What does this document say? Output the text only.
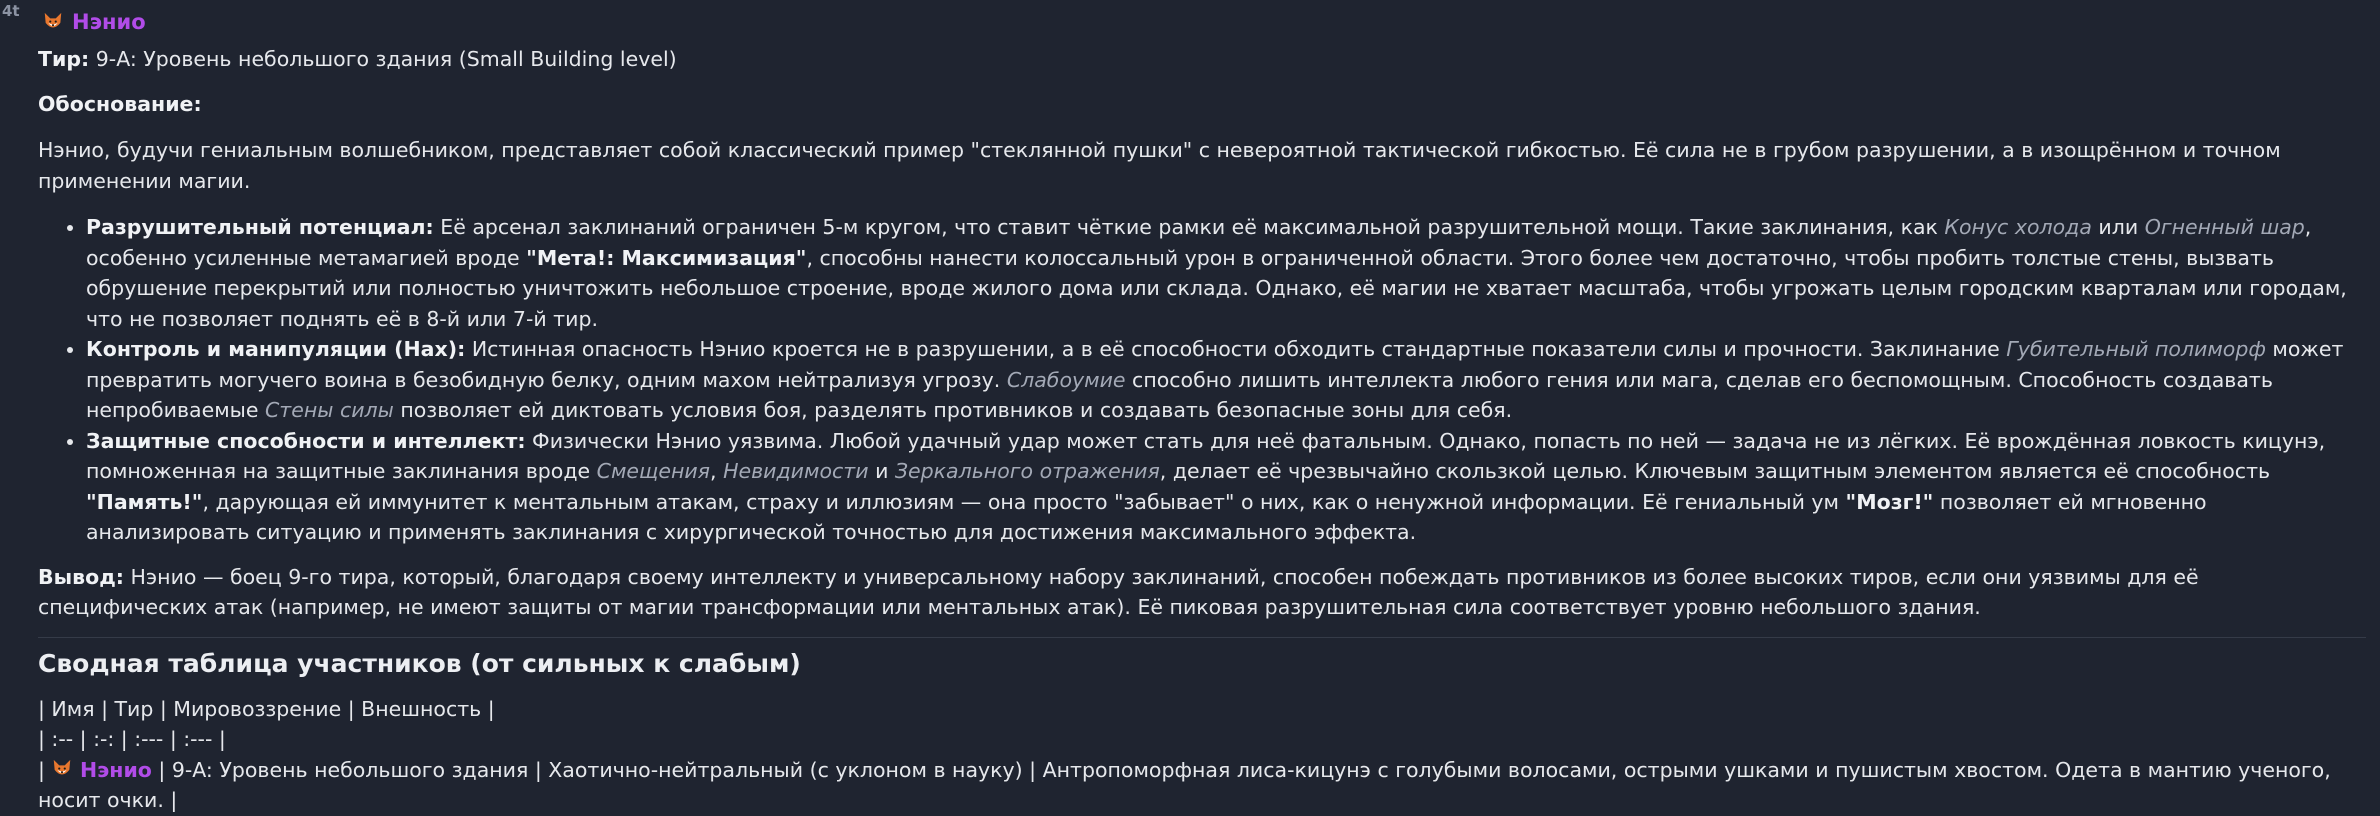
4t Нэнио

Тир: 9-A: Уровень небольшого здания (Small Building level)

Обоснование:

Нэнио, будучи гениальным волшебником, представляет собой классический пример "стеклянной пушки" с невероятной тактической гибкостью. Её сила не в грубом разрушении, а в изощрённом и точном применении магии.

• Разрушительный потенциал: Её арсенал заклинаний ограничен 5-м кругом, что ставит чёткие рамки её максимальной разрушительной мощи. Такие заклинания, как Конус холода или Огненный шар, особенно усиленные метамагией вроде "Мета!: Максимизация", способны нанести колоссальный урон в ограниченной области. Этого более чем достаточно, чтобы пробить толстые стены, вызвать обрушение перекрытий или полностью уничтожить небольшое строение, вроде жилого дома или склада. Однако, её магии не хватает масштаба, чтобы угрожать целым городским кварталам или городам, что не позволяет поднять её в 8-й или 7-й тир.
• Контроль и манипуляции (Hax): Истинная опасность Нэнио кроется не в разрушении, а в её способности обходить стандартные показатели силы и прочности. Заклинание Губительный полиморф может превратить могучего воина в безобидную белку, одним махом нейтрализуя угрозу. Слабоумие способно лишить интеллекта любого гения или мага, сделав его беспомощным. Способность создавать непробиваемые Стены силы позволяет ей диктовать условия боя, разделять противников и создавать безопасные зоны для себя.
• Защитные способности и интеллект: Физически Нэнио уязвима. Любой удачный удар может стать для неё фатальным. Однако, попасть по ней — задача не из лёгких. Её врождённая ловкость кицунэ, помноженная на защитные заклинания вроде Смещения, Невидимости и Зеркального отражения, делает её чрезвычайно скользкой целью. Ключевым защитным элементом является её способность "Память!", дарующая ей иммунитет к ментальным атакам, страху и иллюзиям — она просто "забывает" о них, как о ненужной информации. Её гениальный ум "Мозг!" позволяет ей мгновенно анализировать ситуацию и применять заклинания с хирургической точностью для достижения максимального эффекта.

Вывод: Нэнио — боец 9-го тира, который, благодаря своему интеллекту и универсальному набору заклинаний, способен побеждать противников из более высоких тиров, если они уязвимы для её специфических атак (например, не имеют защиты от магии трансформации или ментальных атак). Её пиковая разрушительная сила соответствует уровню небольшого здания.

Сводная таблица участников (от сильных к слабым)

| Имя | Тир | Мировоззрение | Внешность |

| :-- | :-: | :--- | :--- |

|  Нэнио | 9-A: Уровень небольшого здания | Хаотично-нейтральный (с уклоном в науку) | Антропоморфная лиса-кицунэ с голубыми волосами, острыми ушками и пушистым хвостом. Одета в мантию ученого, носит очки. |
